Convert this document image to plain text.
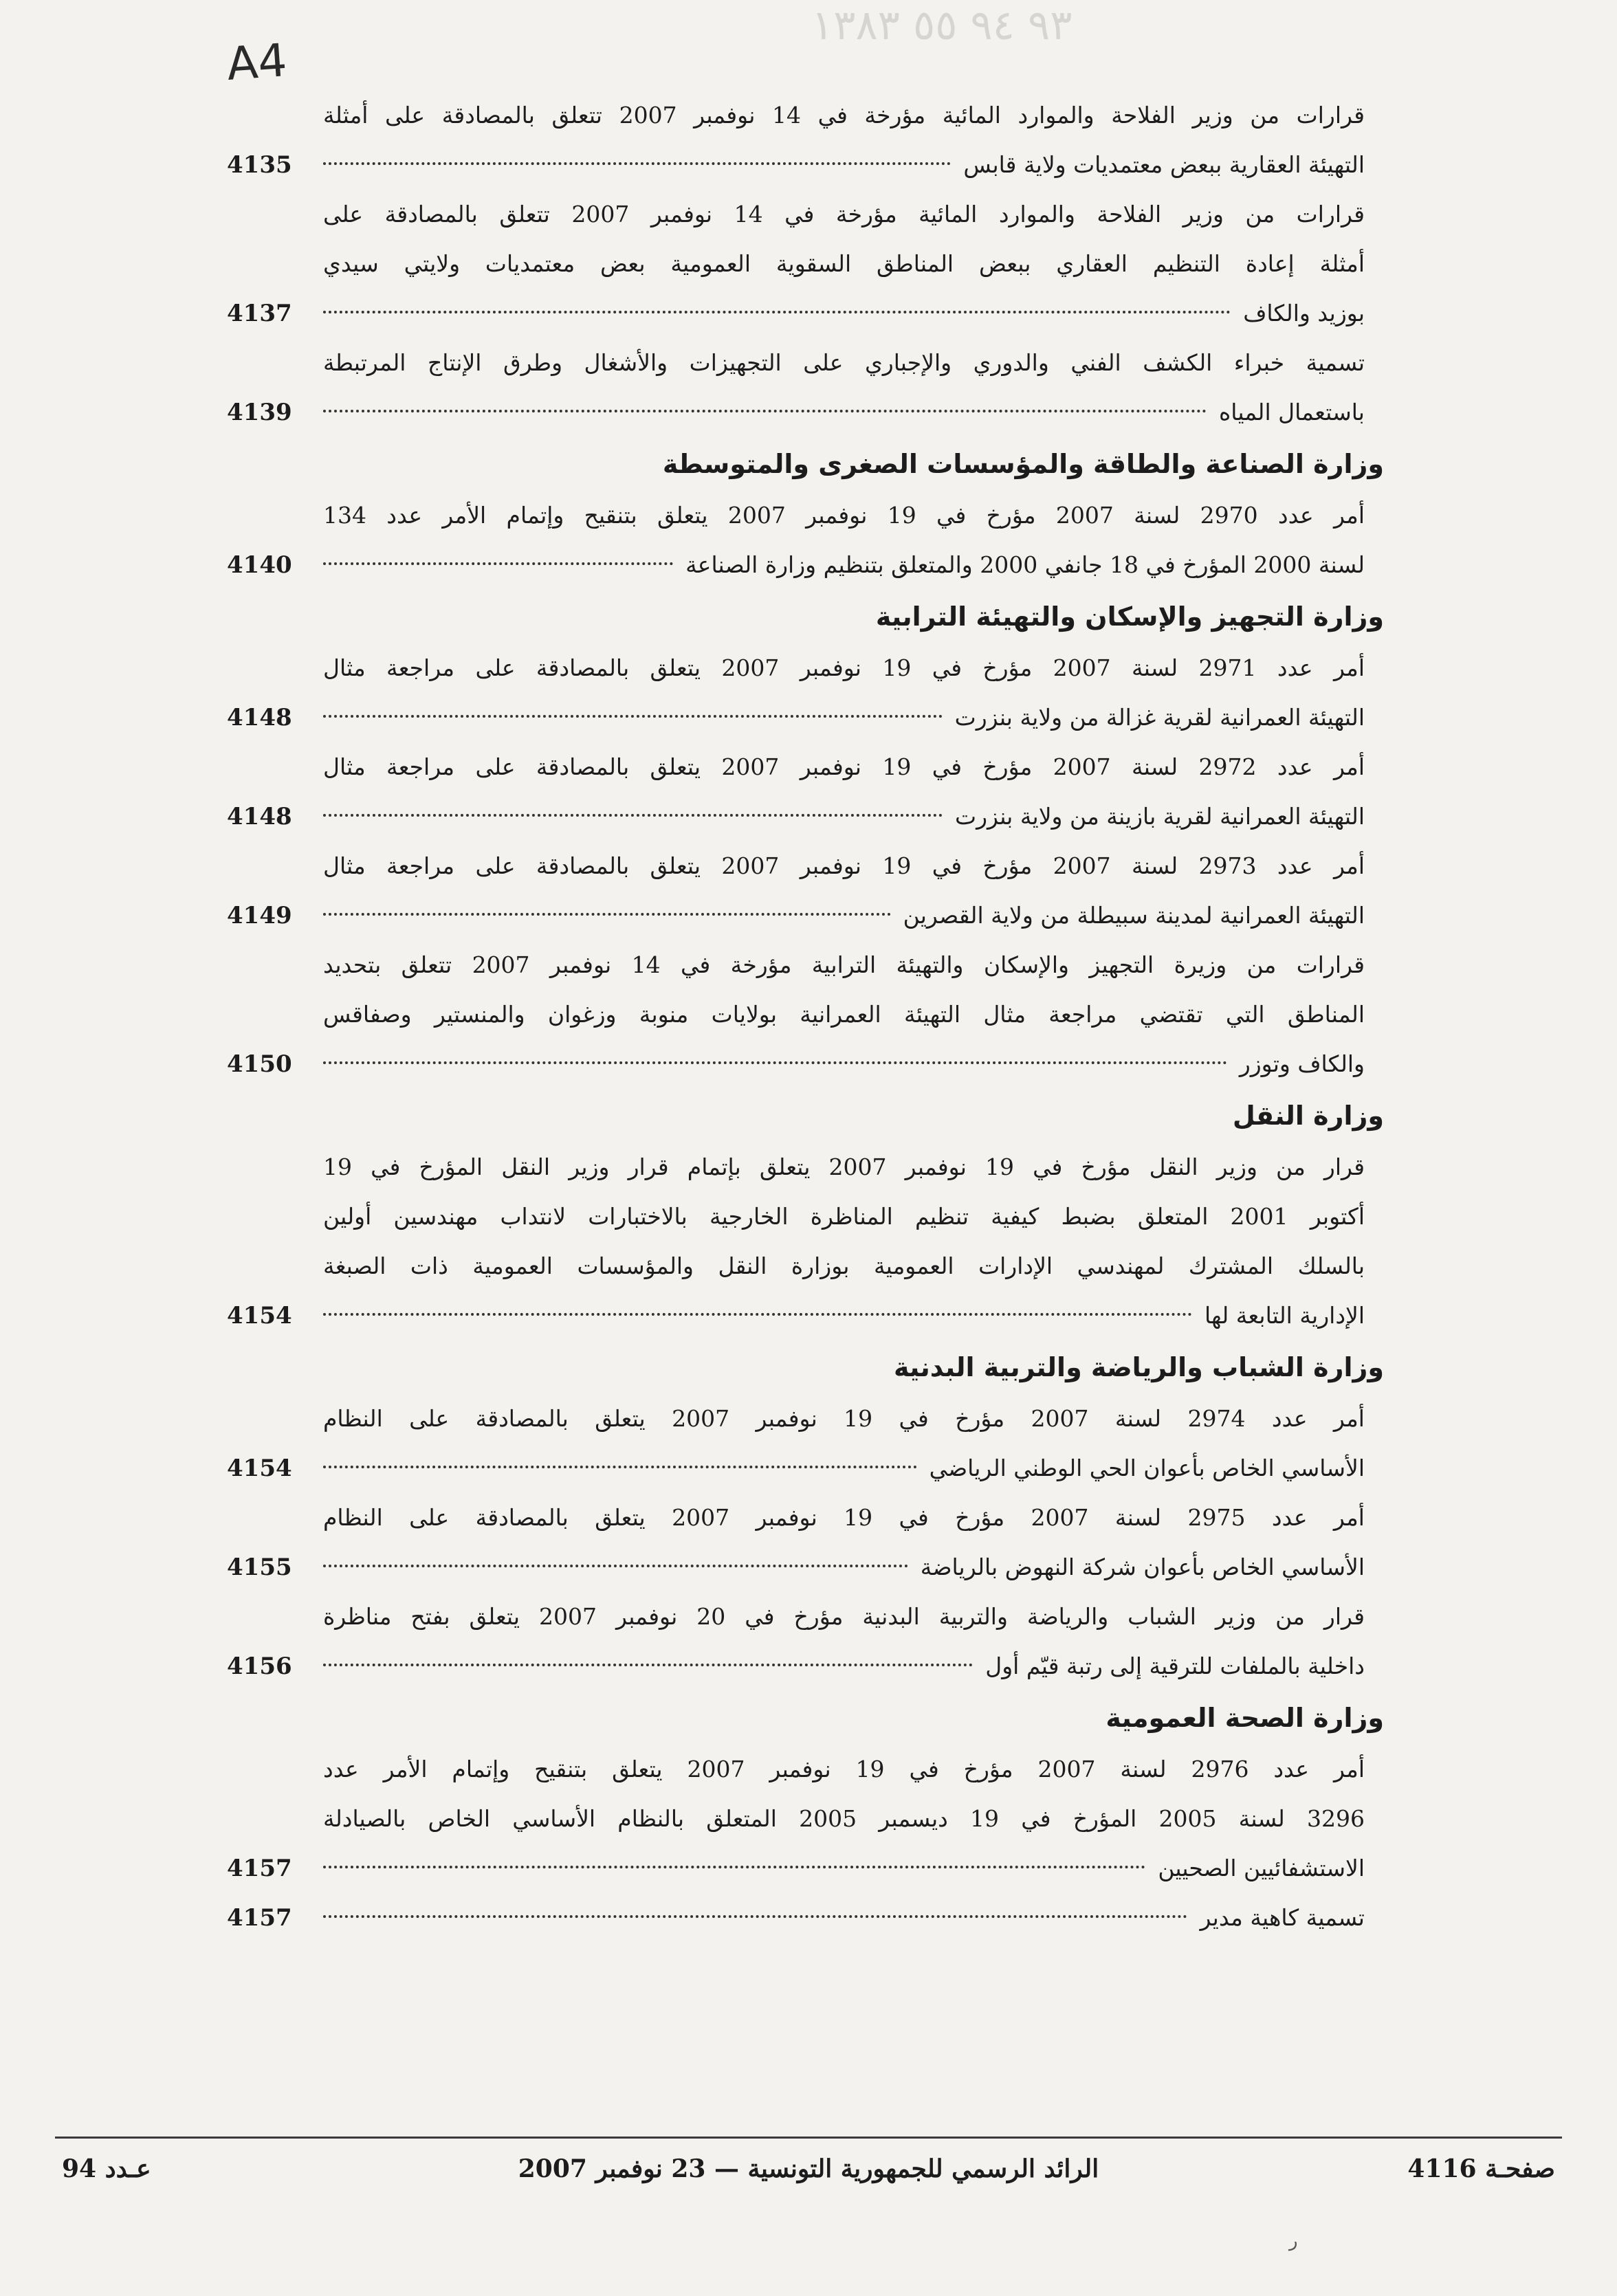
٩٣ ٩٤ ٥٥ ١٣٨٣
A4
قرارات من وزير الفلاحة والموارد المائية مؤرخة في 14 نوفمبر 2007 تتعلق بالمصادقة على أمثلة
التهيئة العقارية ببعض معتمديات ولاية قابس
4135
قرارات من وزير الفلاحة والموارد المائية مؤرخة في 14 نوفمبر 2007 تتعلق بالمصادقة على
أمثلة إعادة التنظيم العقاري ببعض المناطق السقوية العمومية بعض معتمديات ولايتي سيدي
بوزيد والكاف
4137
تسمية خبراء الكشف الفني والدوري والإجباري على التجهيزات والأشغال وطرق الإنتاج المرتبطة
باستعمال المياه
4139
وزارة الصناعة والطاقة والمؤسسات الصغرى والمتوسطة
أمر عدد 2970 لسنة 2007 مؤرخ في 19 نوفمبر 2007 يتعلق بتنقيح وإتمام الأمر عدد 134
لسنة 2000 المؤرخ في 18 جانفي 2000 والمتعلق بتنظيم وزارة الصناعة
4140
وزارة التجهيز والإسكان والتهيئة الترابية
أمر عدد 2971 لسنة 2007 مؤرخ في 19 نوفمبر 2007 يتعلق بالمصادقة على مراجعة مثال
التهيئة العمرانية لقرية غزالة من ولاية بنزرت
4148
أمر عدد 2972 لسنة 2007 مؤرخ في 19 نوفمبر 2007 يتعلق بالمصادقة على مراجعة مثال
التهيئة العمرانية لقرية بازينة من ولاية بنزرت
4148
أمر عدد 2973 لسنة 2007 مؤرخ في 19 نوفمبر 2007 يتعلق بالمصادقة على مراجعة مثال
التهيئة العمرانية لمدينة سبيطلة من ولاية القصرين
4149
قرارات من وزيرة التجهيز والإسكان والتهيئة الترابية مؤرخة في 14 نوفمبر 2007 تتعلق بتحديد
المناطق التي تقتضي مراجعة مثال التهيئة العمرانية بولايات منوبة وزغوان والمنستير وصفاقس
والكاف وتوزر
4150
وزارة النقل
قرار من وزير النقل مؤرخ في 19 نوفمبر 2007 يتعلق بإتمام قرار وزير النقل المؤرخ في 19
أكتوبر 2001 المتعلق بضبط كيفية تنظيم المناظرة الخارجية بالاختبارات لانتداب مهندسين أولين
بالسلك المشترك لمهندسي الإدارات العمومية بوزارة النقل والمؤسسات العمومية ذات الصبغة
الإدارية التابعة لها
4154
وزارة الشباب والرياضة والتربية البدنية
أمر عدد 2974 لسنة 2007 مؤرخ في 19 نوفمبر 2007 يتعلق بالمصادقة على النظام
الأساسي الخاص بأعوان الحي الوطني الرياضي
4154
أمر عدد 2975 لسنة 2007 مؤرخ في 19 نوفمبر 2007 يتعلق بالمصادقة على النظام
الأساسي الخاص بأعوان شركة النهوض بالرياضة
4155
قرار من وزير الشباب والرياضة والتربية البدنية مؤرخ في 20 نوفمبر 2007 يتعلق بفتح مناظرة
داخلية بالملفات للترقية إلى رتبة قيّم أول
4156
وزارة الصحة العمومية
أمر عدد 2976 لسنة 2007 مؤرخ في 19 نوفمبر 2007 يتعلق بتنقيح وإتمام الأمر عدد
3296 لسنة 2005 المؤرخ في 19 ديسمبر 2005 المتعلق بالنظام الأساسي الخاص بالصيادلة
الاستشفائيين الصحيين
4157
تسمية كاهية مدير
4157
عـدد 94	الرائد الرسمي للجمهورية التونسية — 23 نوفمبر 2007	صفحـة 4116
ر
